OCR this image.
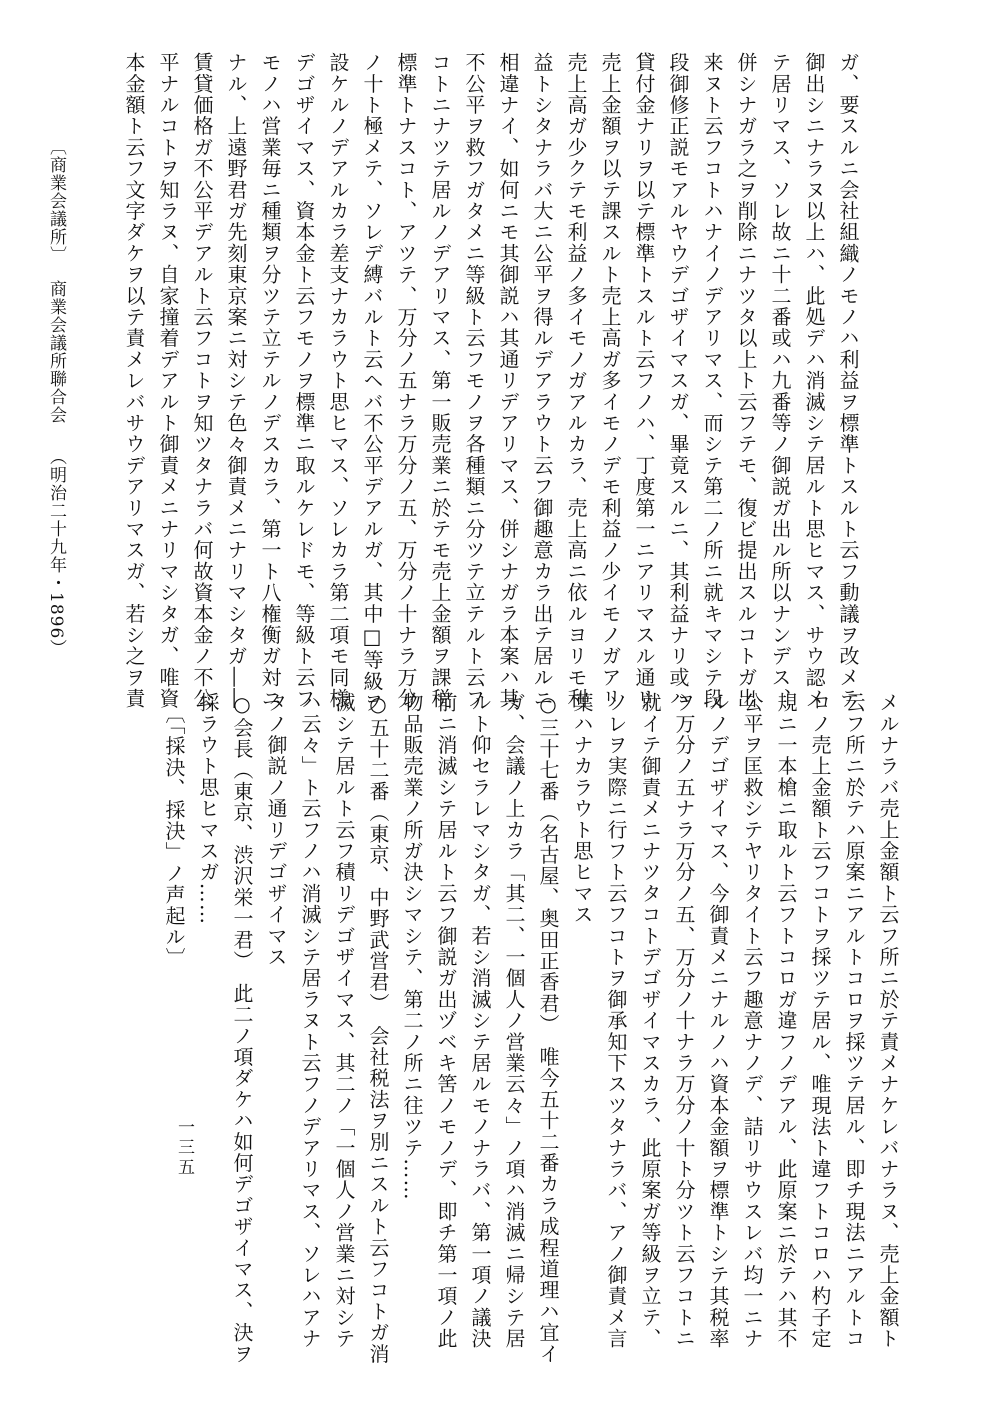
ガ、要スルニ会社組織ノモノハ利益ヲ標準トスルト云フ動議ヲ改メテ
御出シニナラヌ以上ハ、此処デハ消滅シテ居ルト思ヒマス、サウ認メ
テ居リマス、ソレ故ニ十二番或ハ九番等ノ御説ガ出ル所以ナンデス、
併シナガラ之ヲ削除ニナツタ以上ト云フテモ、復ビ提出スルコトガ出
来ヌト云フコトハナイノデアリマス、而シテ第二ノ所ニ就キマシテ段
段御修正説モアルヤウデゴザイマスガ、畢竟スルニ、其利益ナリ或ハ
貸付金ナリヲ以テ標準トスルト云フノハ、丁度第一ニアリマスル通リ
売上金額ヲ以テ課スルト売上高ガ多イモノデモ利益ノ少イモノガアリ
売上高ガ少クテモ利益ノ多イモノガアルカラ、売上高ニ依ルヨリモ利
益トシタナラバ大ニ公平ヲ得ルデアラウト云フ御趣意カラ出テ居ルニ
相違ナイ、如何ニモ其御説ハ其通リデアリマス、併シナガラ本案ハ其
不公平ヲ救フガタメニ等級ト云フモノヲ各種類ニ分ツテ立テルト云フ
コトニナツテ居ルノデアリマス、第一販売業ニ於テモ売上金額ヲ課税
標準トナスコト、アツテ、万分ノ五ナラ万分ノ五、万分ノ十ナラ万分
ノ十ト極メテ、ソレデ縛バルト云ヘバ不公平デアルガ、其中□等級ヲ
設ケルノデアルカラ差支ナカラウト思ヒマス、ソレカラ第二項モ同様
デゴザイマス、資本金ト云フモノヲ標準ニ取ルケレドモ、等級ト云フ
モノハ営業毎ニ種類ヲ分ツテ立テルノデスカラ、第一ト八権衡ガ対ニ
ナル、上遠野君ガ先刻東京案ニ対シテ色々御責メニナリマシタガ――
賃貸価格ガ不公平デアルト云フコトヲ知ツタナラバ何故資本金ノ不公
平ナルコトヲ知ラヌ、自家撞着デアルト御責メニナリマシタガ、唯資
本金額ト云フ文字ダケヲ以テ責メレバサウデアリマスガ、若シ之ヲ責
メルナラバ売上金額ト云フ所ニ於テ責メナケレバナラヌ、売上金額ト
云フ所ニ於テハ原案ニアルトコロヲ採ツテ居ル、即チ現法ニアルトコ
ロノ売上金額ト云フコトヲ採ツテ居ル、唯現法ト違フトコロハ杓子定
規ニ一本槍ニ取ルト云フトコロガ違フノデアル、此原案ニ於テハ其不
公平ヲ匡救シテヤリタイト云フ趣意ナノデ、詰リサウスレバ均一ニナ
ルノデゴザイマス、今御責メニナルノハ資本金額ヲ標準トシテ其税率
ヲ万分ノ五ナラ万分ノ五、万分ノ十ナラ万分ノ十ト分ツト云フコトニ
就イテ御責メニナツタコトデゴザイマスカラ、此原案ガ等級ヲ立テ、
ソレヲ実際ニ行フト云フコトヲ御承知下スツタナラバ、アノ御責メ言
葉ハナカラウト思ヒマス
○三十七番（名古屋、奥田正香君）　唯今五十二番カラ成程道理ハ宜イ
ガ、会議ノ上カラ「其二、一個人ノ営業云々」ノ項ハ消滅ニ帰シテ居
ルト仰セラレマシタガ、若シ消滅シテ居ルモノナラバ、第一項ノ議決
前ニ消滅シテ居ルト云フ御説ガ出ヅベキ筈ノモノデ、即チ第一項ノ此
物品販売業ノ所ガ決シマシテ、第二ノ所ニ往ツテ……
○五十二番（東京、中野武営君）　会社税法ヲ別ニスルト云フコトガ消
滅シテ居ルト云フ積リデゴザイマス、其二ノ「一個人ノ営業ニ対シテ
ハ云々」ト云フノハ消滅シテ居ラヌト云フノデアリマス、ソレハアナ
タノ御説ノ通リデゴザイマス
○会長（東京、渋沢栄一君）　此二ノ項ダケハ如何デゴザイマス、決ヲ
採ラウト思ヒマスガ……
　〔「採決、採決」ノ声起ル〕
〔商業会議所〕
商業会議所聯合会
（明治二十九年・1896）
一三五
